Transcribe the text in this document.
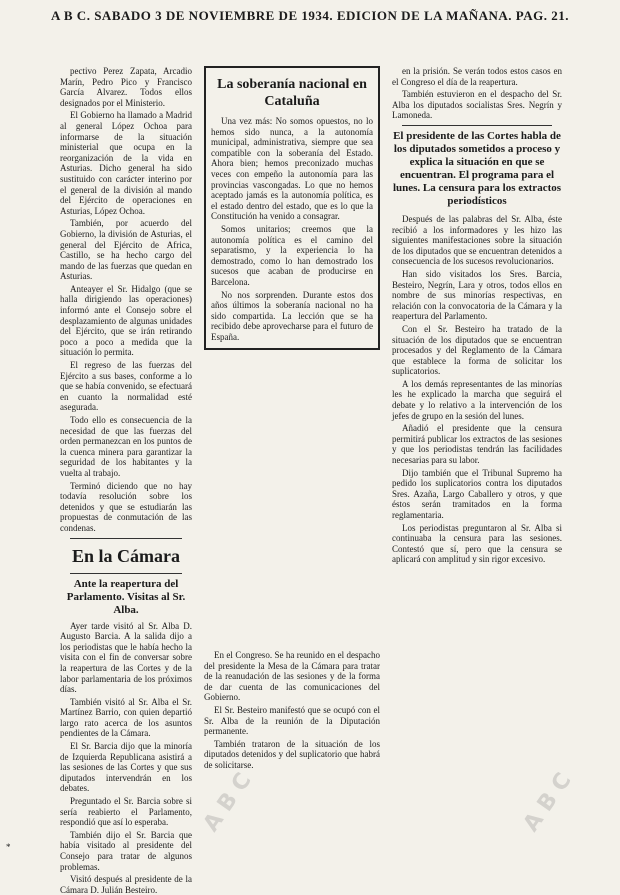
A B C. SABADO 3 DE NOVIEMBRE DE 1934. EDICION DE LA MAÑANA. PAG. 21.

pectivo Perez Zapata, Arcadio Marín, Pedro Pico y Francisco García Alvarez. Todos ellos designados por el Ministerio.

El Gobierno ha llamado a Madrid al general López Ochoa para informarse de la situación ministerial que ocupa en la reorganización de la vida en Asturias. Dicho general ha sido sustituido con carácter interino por el general de la división al mando del Ejército de operaciones en Asturias, López Ochoa.

También, por acuerdo del Gobierno, la división de Asturias, el general del Ejército de Africa, Castillo, se ha hecho cargo del mando de las fuerzas que quedan en Asturias.

Anteayer el Sr. Hidalgo (que se halla dirigiendo las operaciones) informó ante el Consejo sobre el desplazamiento de algunas unidades del Ejército, que se irán retirando poco a poco a medida que la situación lo permita.

El regreso de las fuerzas del Ejército a sus bases, conforme a lo que se había convenido, se efectuará en cuanto la normalidad esté asegurada.

Todo ello es consecuencia de la necesidad de que las fuerzas del orden permanezcan en los puntos de la cuenca minera para garantizar la seguridad de los habitantes y la vuelta al trabajo.

Terminó diciendo que no hay todavía resolución sobre los detenidos y que se estudiarán las propuestas de conmutación de las condenas.

En la Cámara
Ante la reapertura del Parlamento. Visitas al Sr. Alba.

Ayer tarde visitó al Sr. Alba D. Augusto Barcia. A la salida dijo a los periodistas que le había hecho la visita con el fin de conversar sobre la reapertura de las Cortes y de la labor parlamentaria de los próximos días.

También visitó al Sr. Alba el Sr. Martínez Barrio, con quien departió largo rato acerca de los asuntos pendientes de la Cámara.

El Sr. Barcia dijo que la minoría de Izquierda Republicana asistirá a las sesiones de las Cortes y que sus diputados intervendrán en los debates.

Preguntado el Sr. Barcia sobre si sería reabierto el Parlamento, respondió que así lo esperaba.

También dijo el Sr. Barcia que había visitado al presidente del Consejo para tratar de algunos problemas.

Visitó después al presidente de la Cámara D. Julián Besteiro.

La soberanía nacional en Cataluña

Una vez más: No somos opuestos, no lo hemos sido nunca, a la autonomía municipal, administrativa, siempre que sea compatible con la soberanía del Estado. Ahora bien; hemos preconizado muchas veces con empeño la autonomía para las provincias vascongadas. Lo que no hemos aceptado jamás es la autonomía política, es el estado dentro del estado, que es lo que la Constitución ha venido a consagrar.

Somos unitarios; creemos que la autonomía política es el camino del separatismo, y la experiencia lo ha demostrado, como lo han demostrado los sucesos que acaban de producirse en Barcelona.

No nos sorprenden. Durante estos dos años últimos la soberanía nacional no ha sido compartida. La lección que se ha recibido debe aprovecharse para el futuro de España.

En el Congreso. Se ha reunido en el despacho del presidente la Mesa de la Cámara para tratar de la reanudación de las sesiones y de la forma de dar cuenta de las comunicaciones del Gobierno.

El Sr. Besteiro manifestó que se ocupó con el Sr. Alba de la reunión de la Diputación permanente.

También trataron de la situación de los diputados detenidos y del suplicatorio que habrá de solicitarse.

en la prisión. Se verán todos estos casos en el Congreso el día de la reapertura.

También estuvieron en el despacho del Sr. Alba los diputados socialistas Sres. Negrín y Lamoneda.

El presidente de las Cortes habla de los diputados sometidos a proceso y explica la situación en que se encuentran. El programa para el lunes. La censura para los extractos periodísticos

Después de las palabras del Sr. Alba, éste recibió a los informadores y les hizo las siguientes manifestaciones sobre la situación de los diputados que se encuentran detenidos a consecuencia de los sucesos revolucionarios.

Han sido visitados los Sres. Barcia, Besteiro, Negrín, Lara y otros, todos ellos en nombre de sus minorías respectivas, en relación con la convocatoria de la Cámara y la reapertura del Parlamento.

Con el Sr. Besteiro ha tratado de la situación de los diputados que se encuentran procesados y del Reglamento de la Cámara que establece la forma de solicitar los suplicatorios.

A los demás representantes de las minorías les he explicado la marcha que seguirá el debate y lo relativo a la intervención de los jefes de grupo en la sesión del lunes.

Añadió el presidente que la censura permitirá publicar los extractos de las sesiones y que los periodistas tendrán las facilidades necesarias para su labor.

Dijo también que el Tribunal Supremo ha pedido los suplicatorios contra los diputados Sres. Azaña, Largo Caballero y otros, y que éstos serán tramitados en la forma reglamentaria.

Los periodistas preguntaron al Sr. Alba si continuaba la censura para las sesiones. Contestó que sí, pero que la censura se aplicará con amplitud y sin rigor excesivo.

A B C	A B C
*
